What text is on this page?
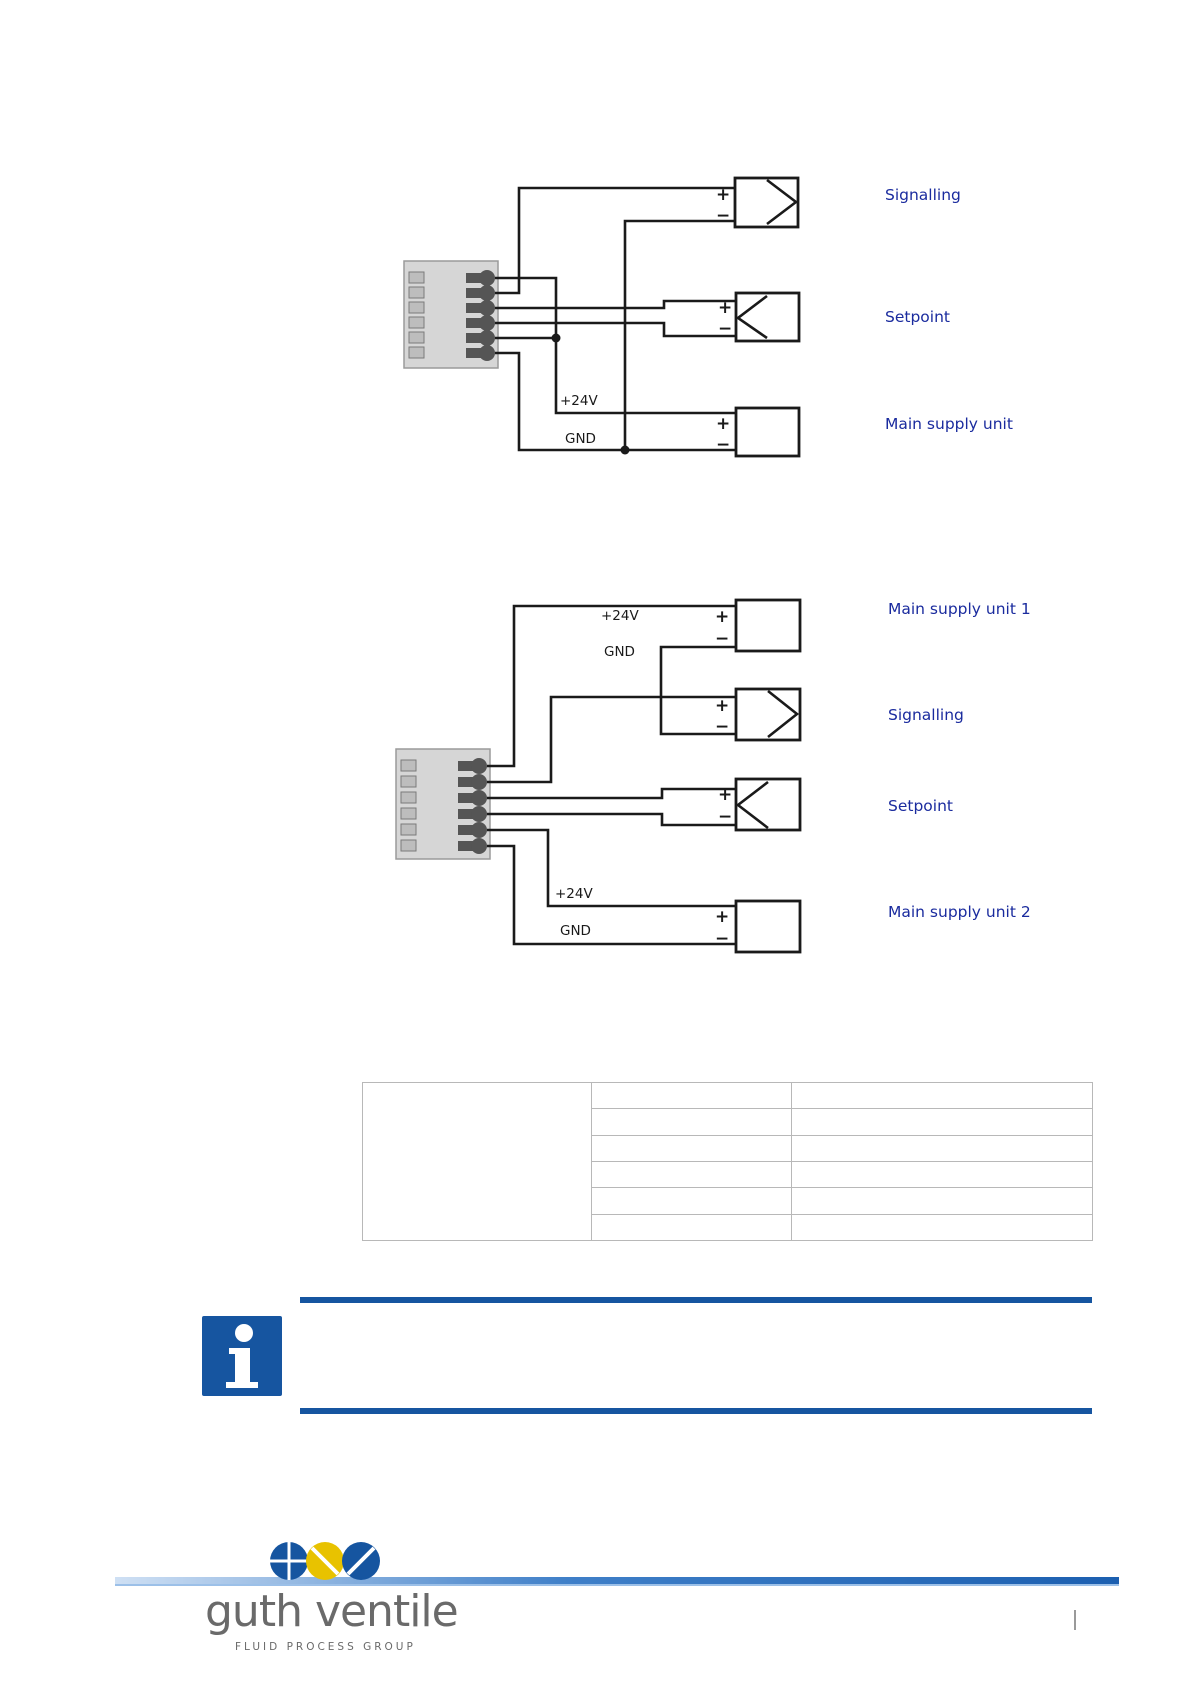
+
−
+
−
+
−
+24V
GND
+
−
+
−
+
−
+
−
+24V
GND
+24V
GND
Signalling
Setpoint
Main supply unit
Main supply unit 1
Signalling
Setpoint
Main supply unit 2

guth ventile
FLUID PROCESS GROUP
